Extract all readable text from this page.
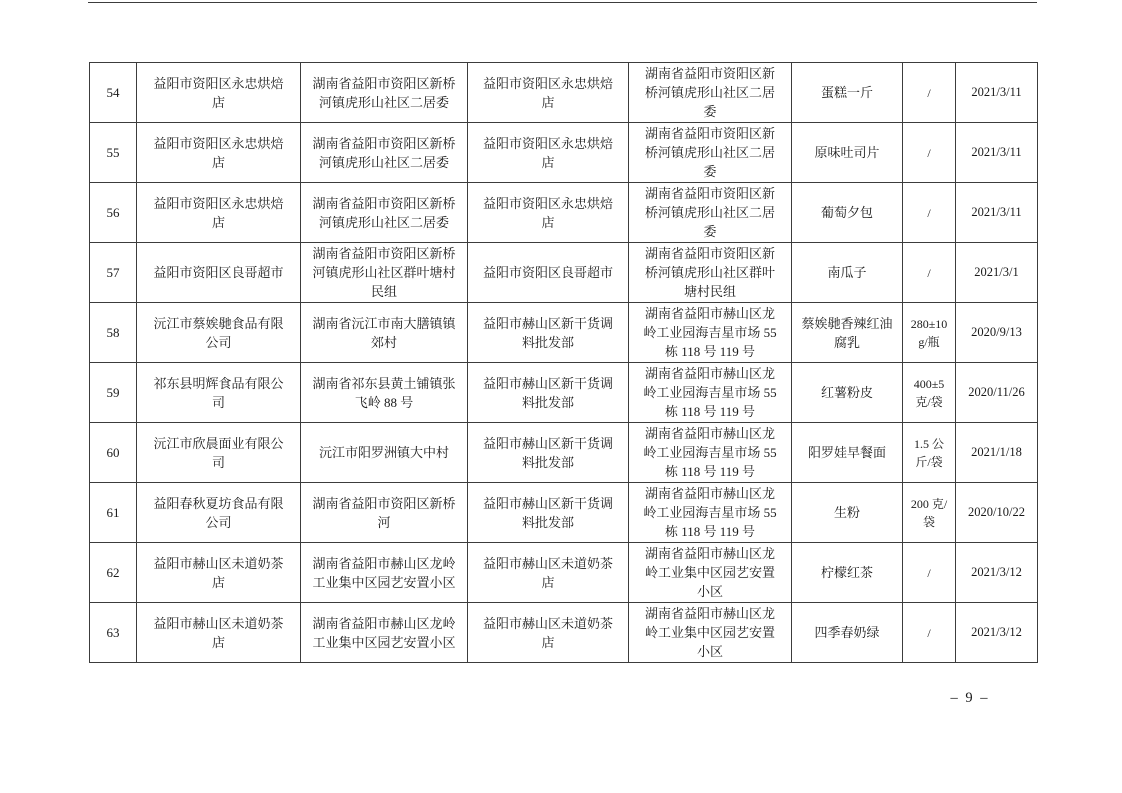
54	益阳市资阳区永忠烘焙店	湖南省益阳市资阳区新桥河镇虎形山社区二居委	益阳市资阳区永忠烘焙店	湖南省益阳市资阳区新桥河镇虎形山社区二居委	蛋糕一斤	/	2021/3/11
55	益阳市资阳区永忠烘焙店	湖南省益阳市资阳区新桥河镇虎形山社区二居委	益阳市资阳区永忠烘焙店	湖南省益阳市资阳区新桥河镇虎形山社区二居委	原味吐司片	/	2021/3/11
56	益阳市资阳区永忠烘焙店	湖南省益阳市资阳区新桥河镇虎形山社区二居委	益阳市资阳区永忠烘焙店	湖南省益阳市资阳区新桥河镇虎形山社区二居委	葡萄夕包	/	2021/3/11
57	益阳市资阳区良哥超市	湖南省益阳市资阳区新桥河镇虎形山社区群叶塘村民组	益阳市资阳区良哥超市	湖南省益阳市资阳区新桥河镇虎形山社区群叶塘村民组	南瓜子	/	2021/3/1
58	沅江市蔡娭毑食品有限公司	湖南省沅江市南大膳镇镇郊村	益阳市赫山区新干货调料批发部	湖南省益阳市赫山区龙岭工业园海吉星市场 55 栋 118 号 119 号	蔡娭毑香辣红油腐乳	280±10g/瓶	2020/9/13
59	祁东县明辉食品有限公司	湖南省祁东县黄土铺镇张飞岭 88 号	益阳市赫山区新干货调料批发部	湖南省益阳市赫山区龙岭工业园海吉星市场 55 栋 118 号 119 号	红薯粉皮	400±5 克/袋	2020/11/26
60	沅江市欣晨面业有限公司	沅江市阳罗洲镇大中村	益阳市赫山区新干货调料批发部	湖南省益阳市赫山区龙岭工业园海吉星市场 55 栋 118 号 119 号	阳罗娃早餐面	1.5 公斤/袋	2021/1/18
61	益阳春秋夏坊食品有限公司	湖南省益阳市资阳区新桥河	益阳市赫山区新干货调料批发部	湖南省益阳市赫山区龙岭工业园海吉星市场 55 栋 118 号 119 号	生粉	200 克/袋	2020/10/22
62	益阳市赫山区未道奶茶店	湖南省益阳市赫山区龙岭工业集中区园艺安置小区	益阳市赫山区未道奶茶店	湖南省益阳市赫山区龙岭工业集中区园艺安置小区	柠檬红茶	/	2021/3/12
63	益阳市赫山区未道奶茶店	湖南省益阳市赫山区龙岭工业集中区园艺安置小区	益阳市赫山区未道奶茶店	湖南省益阳市赫山区龙岭工业集中区园艺安置小区	四季春奶绿	/	2021/3/12
– 9 –
